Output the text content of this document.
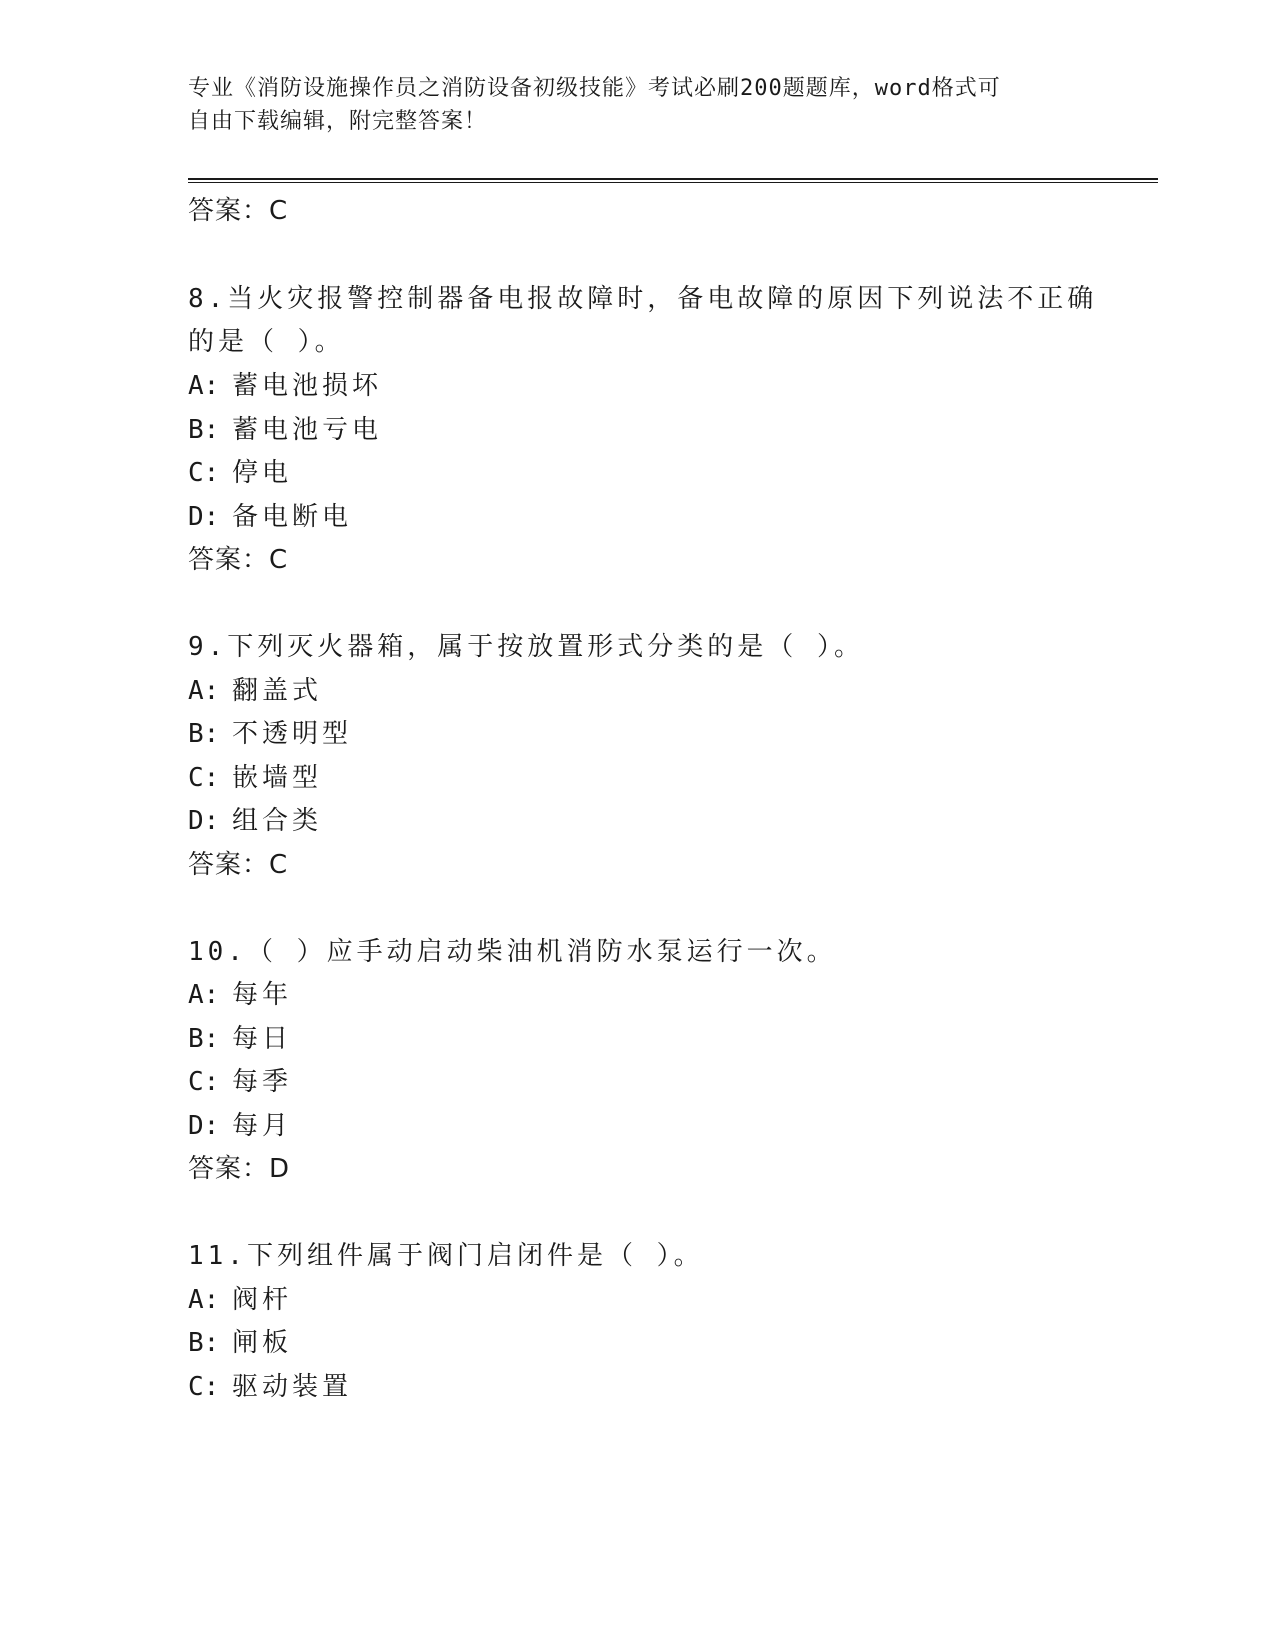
专业《消防设施操作员之消防设备初级技能》考试必刷200题题库，word格式可
自由下载编辑，附完整答案！
答案：C
8.当火灾报警控制器备电报故障时，备电故障的原因下列说法不正确
的是（ ）。
A: 蓄电池损坏
B: 蓄电池亏电
C: 停电
D: 备电断电
答案：C
9.下列灭火器箱，属于按放置形式分类的是（ ）。
A: 翻盖式
B: 不透明型
C: 嵌墙型
D: 组合类
答案：C
10.（ ）应手动启动柴油机消防水泵运行一次。
A: 每年
B: 每日
C: 每季
D: 每月
答案：D
11.下列组件属于阀门启闭件是（ ）。
A: 阀杆
B: 闸板
C: 驱动装置
